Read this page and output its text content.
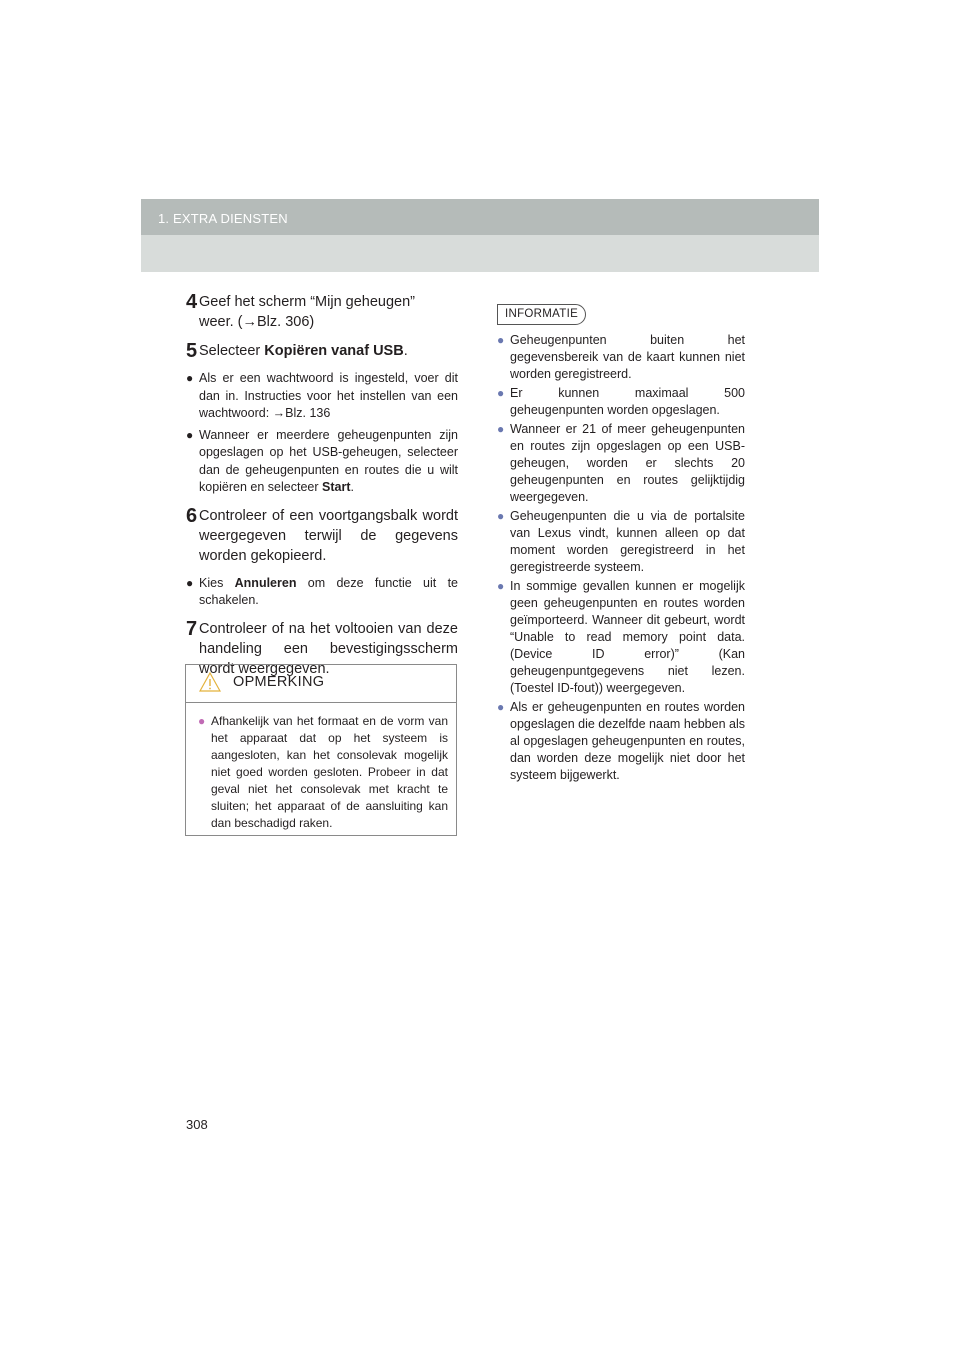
1. EXTRA DIENSTEN
4 Geef het scherm “Mijn geheugen”
weer. (→Blz. 306)
5 Selecteer Kopiëren vanaf USB.
● Als er een wachtwoord is ingesteld, voer dit dan in. Instructies voor het instellen van een wachtwoord: →Blz. 136
● Wanneer er meerdere geheugenpunten zijn opgeslagen op het USB-geheugen, selecteer dan de geheugenpunten en routes die u wilt kopiëren en selecteer Start.
6 Controleer of een voortgangsbalk wordt weergegeven terwijl de gegevens worden gekopieerd.
● Kies Annuleren om deze functie uit te schakelen.
7 Controleer of na het voltooien van deze handeling een bevestigingsscherm wordt weergegeven.
OPMERKING
● Afhankelijk van het formaat en de vorm van het apparaat dat op het systeem is aangesloten, kan het consolevak mogelijk niet goed worden gesloten. Probeer in dat geval niet het consolevak met kracht te sluiten; het apparaat of de aansluiting kan dan beschadigd raken.
INFORMATIE
● Geheugenpunten buiten het gegevensbereik van de kaart kunnen niet worden geregistreerd.
● Er kunnen maximaal 500 geheugenpunten worden opgeslagen.
● Wanneer er 21 of meer geheugenpunten en routes zijn opgeslagen op een USB-geheugen, worden er slechts 20 geheugenpunten en routes gelijktijdig weergegeven.
● Geheugenpunten die u via de portalsite van Lexus vindt, kunnen alleen op dat moment worden geregistreerd in het geregistreerde systeem.
● In sommige gevallen kunnen er mogelijk geen geheugenpunten en routes worden geïmporteerd. Wanneer dit gebeurt, wordt “Unable to read memory point data. (Device ID error)” (Kan geheugenpuntgegevens niet lezen. (Toestel ID-fout)) weergegeven.
● Als er geheugenpunten en routes worden opgeslagen die dezelfde naam hebben als al opgeslagen geheugenpunten en routes, dan worden deze mogelijk niet door het systeem bijgewerkt.
308
